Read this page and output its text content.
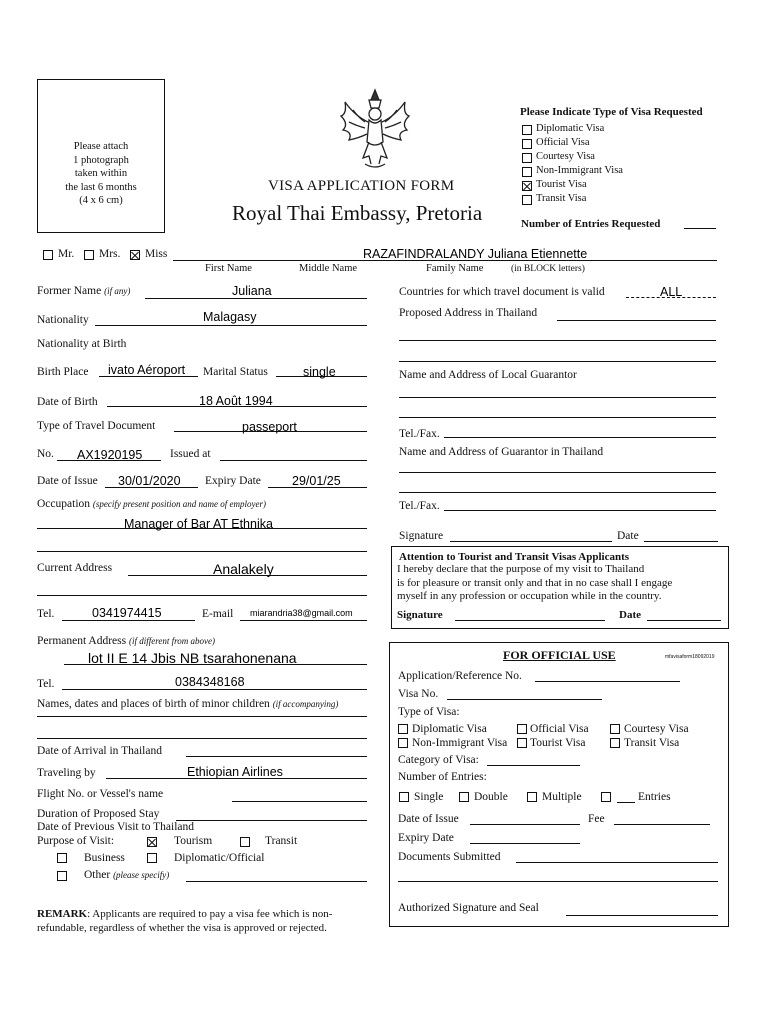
Please attach
1 photograph
taken within
the last 6 months
(4 x 6 cm)
VISA APPLICATION FORM
Royal Thai Embassy, Pretoria
Please Indicate Type of Visa Requested
Diplomatic Visa
Official Visa
Courtesy Visa
Non-Immigrant Visa
Tourist Visa
Transit Visa
Number of Entries Requested
Mr. Mrs. Miss	RAZAFINDRALANDY Juliana Etiennette
First Name	Middle Name	Family Name	(in BLOCK letters)
Former Name (if any)	Juliana
Nationality	Malagasy
Nationality at Birth
Birth Place ivato Aéroport Marital Status	single
Date of Birth	18 Août 1994
Type of Travel Document	passeport
No. AX1920195 Issued at
Date of Issue 30/01/2020 Expiry Date 29/01/25
Occupation (specify present position and name of employer)
Manager of Bar AT Ethnika
Current Address	Analakely
Tel.	0341974415	E-mail miarandria38@gmail.com
Permanent Address (if different from above)
lot II E 14 Jbis NB tsarahonenana
Tel.	0384348168
Names, dates and places of birth of minor children (if accompanying)
Date of Arrival in Thailand
Traveling by	Ethiopian Airlines
Flight No. or Vessel's name
Duration of Proposed Stay
Date of Previous Visit to Thailand
Purpose of Visit:	Tourism	Transit
Business	Diplomatic/Official
Other (please specify)
REMARK: Applicants are required to pay a visa fee which is non-
refundable, regardless of whether the visa is approved or rejected.
Countries for which travel document is valid	ALL
Proposed Address in Thailand
Name and Address of Local Guarantor
Tel./Fax.
Name and Address of Guarantor in Thailand
Tel./Fax.
Signature	Date
Attention to Tourist and Transit Visas Applicants
I hereby declare that the purpose of my visit to Thailand
is for pleasure or transit only and that in no case shall I engage
myself in any profession or occupation while in the country.
Signature	Date
FOR OFFICIAL USE	mfavisaform18092019
Application/Reference No.
Visa No.
Type of Visa:
Diplomatic Visa	Official Visa	Courtesy Visa
Non-Immigrant Visa Tourist Visa	Transit Visa
Category of Visa:
Number of Entries:
Single	Double	Multiple	Entries
Date of Issue	Fee
Expiry Date
Documents Submitted
Authorized Signature and Seal
